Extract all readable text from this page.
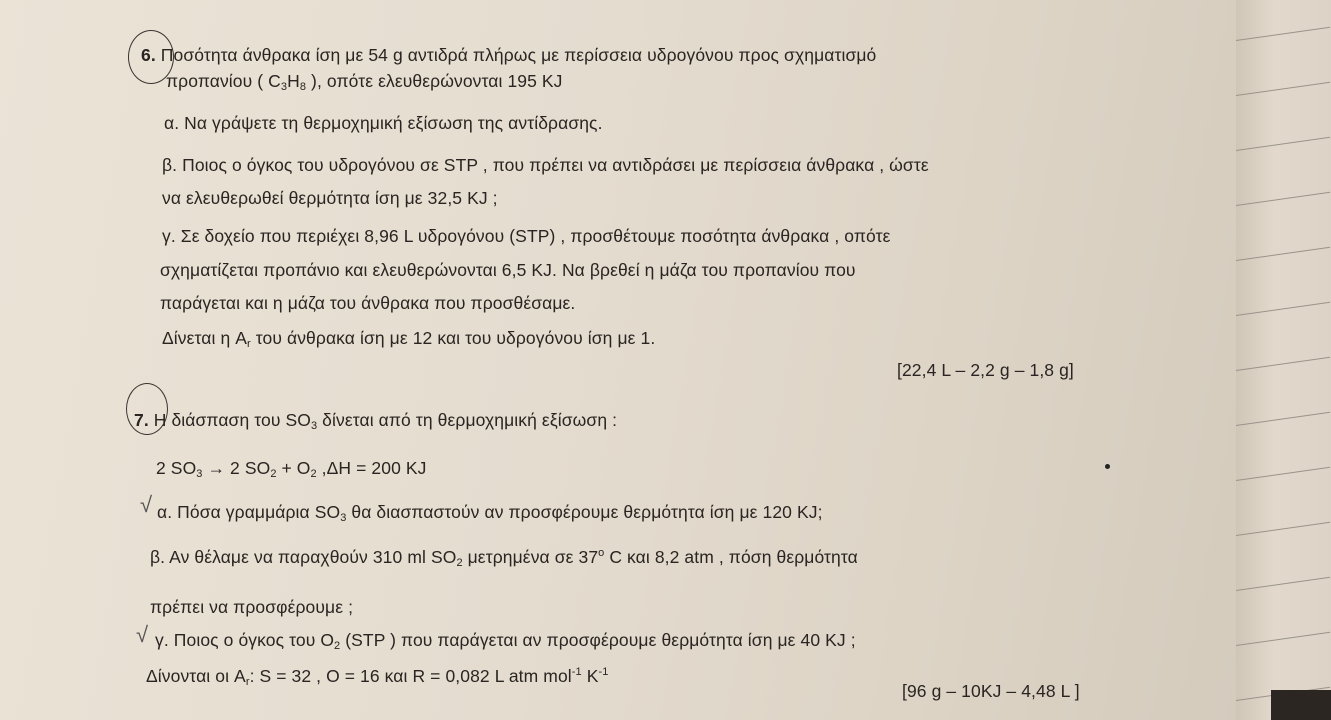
6. Ποσότητα άνθρακα ίση με 54 g αντιδρά πλήρως με περίσσεια υδρογόνου προς σχηματισμό
προπανίου ( $C_3H_8$ ), οπότε ελευθερώνονται 195 KJ
α. Να γράψετε τη θερμοχημική εξίσωση της αντίδρασης.
β. Ποιος ο όγκος του υδρογόνου σε STP , που πρέπει να αντιδράσει με περίσσεια άνθρακα , ώστε
να ελευθερωθεί θερμότητα ίση με 32,5 KJ ;
γ. Σε δοχείο που περιέχει 8,96 L υδρογόνου (STP) , προσθέτουμε ποσότητα άνθρακα , οπότε
σχηματίζεται προπάνιο και ελευθερώνονται 6,5 KJ. Να βρεθεί η μάζα του προπανίου που
παράγεται και η μάζα του άνθρακα που προσθέσαμε.
Δίνεται η $A_r$ του άνθρακα ίση με 12 και του υδρογόνου ίση με 1.
[22,4 L – 2,2 g – 1,8 g]
7. Η διάσπαση του $SO_3$ δίνεται από τη θερμοχημική εξίσωση :
2 $SO_3 \to 2$ $SO_2 + O_2$ ,ΔH = 200 KJ
√ α. Πόσα γραμμάρια $SO_3$ θα διασπαστούν αν προσφέρουμε θερμότητα ίση με 120 KJ;
β. Αν θέλαμε να παραχθούν 310 ml $SO_2$ μετρημένα σε $37^o$ C και 8,2 atm , πόση θερμότητα
πρέπει να προσφέρουμε ;
√ γ. Ποιος ο όγκος του $O_2$ (STP ) που παράγεται αν προσφέρουμε θερμότητα ίση με 40 KJ ;
Δίνονται οι $A_r$: S = 32 , O = 16 και R = 0,082 L atm mol$^{-1}$ $K^{-1}$
[96 g – 10KJ – 4,48 L ]
